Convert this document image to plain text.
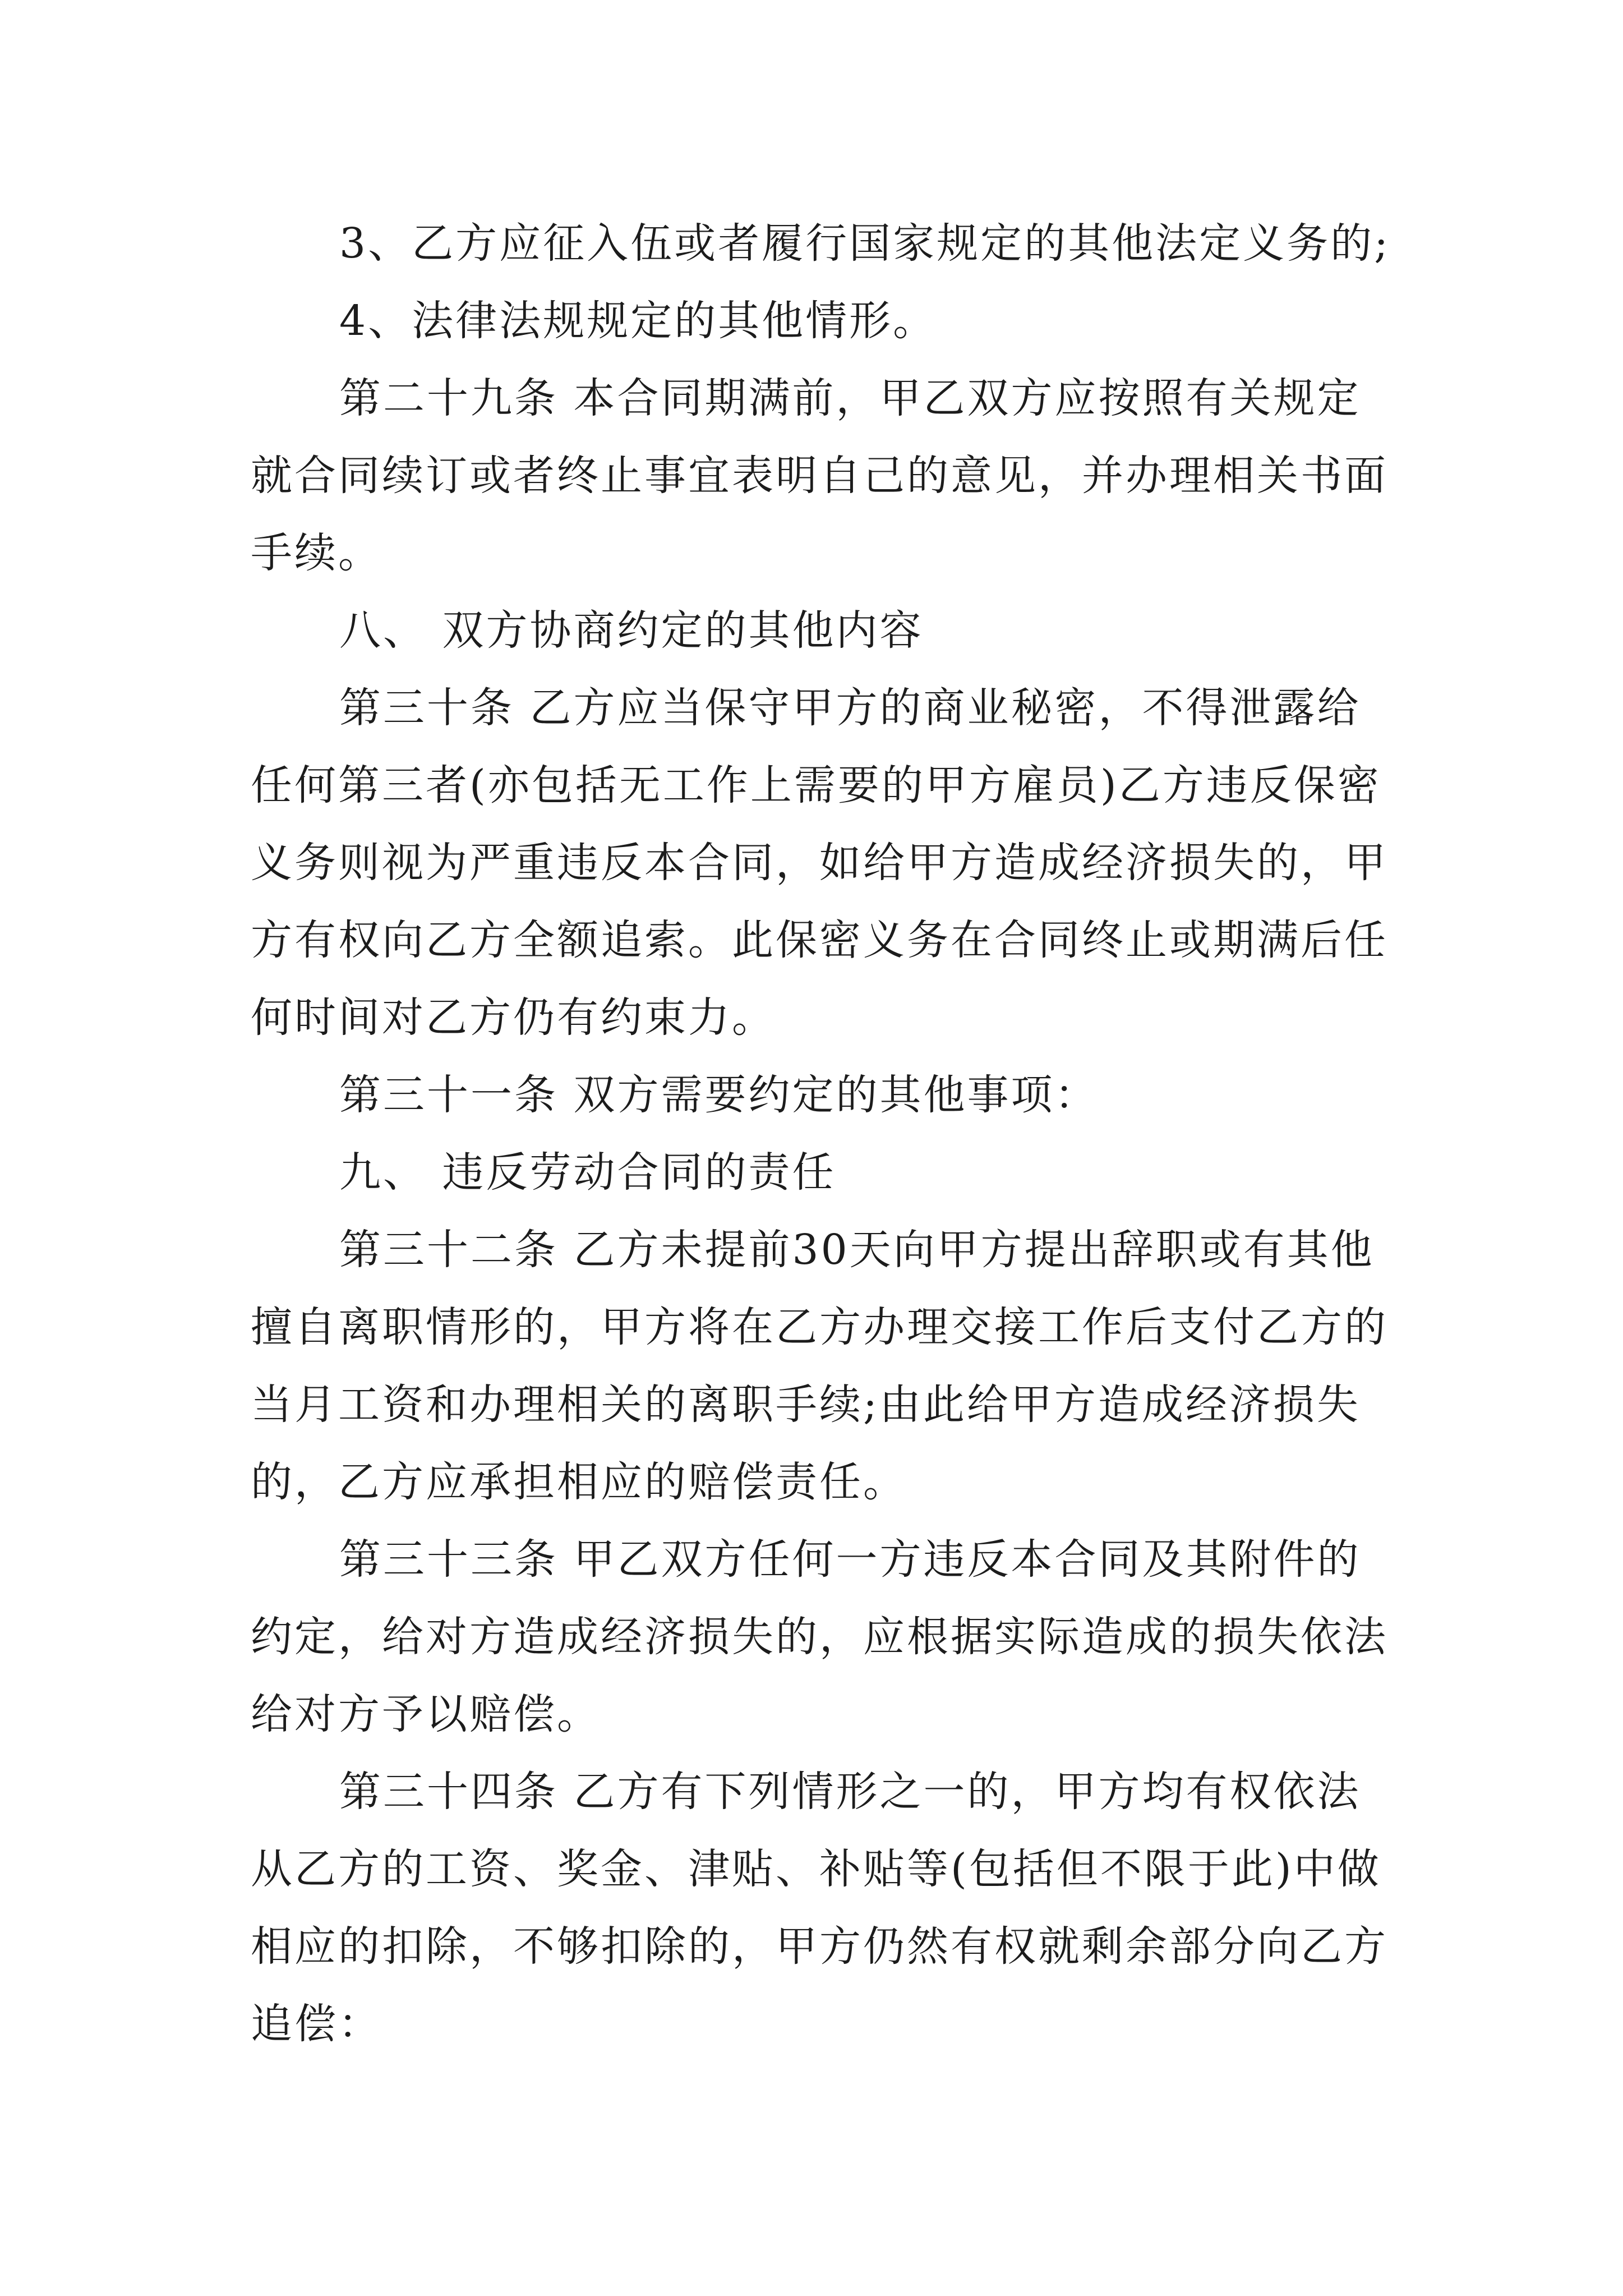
3、乙方应征入伍或者履行国家规定的其他法定义务的;
4、法律法规规定的其他情形。
第二十九条 本合同期满前，甲乙双方应按照有关规定
就合同续订或者终止事宜表明自己的意见，并办理相关书面
手续。
八、 双方协商约定的其他内容
第三十条 乙方应当保守甲方的商业秘密，不得泄露给
任何第三者(亦包括无工作上需要的甲方雇员)乙方违反保密
义务则视为严重违反本合同，如给甲方造成经济损失的，甲
方有权向乙方全额追索。此保密义务在合同终止或期满后任
何时间对乙方仍有约束力。
第三十一条 双方需要约定的其他事项：
九、 违反劳动合同的责任
第三十二条 乙方未提前30天向甲方提出辞职或有其他
擅自离职情形的，甲方将在乙方办理交接工作后支付乙方的
当月工资和办理相关的离职手续;由此给甲方造成经济损失
的，乙方应承担相应的赔偿责任。
第三十三条 甲乙双方任何一方违反本合同及其附件的
约定，给对方造成经济损失的，应根据实际造成的损失依法
给对方予以赔偿。
第三十四条 乙方有下列情形之一的，甲方均有权依法
从乙方的工资、奖金、津贴、补贴等(包括但不限于此)中做
相应的扣除，不够扣除的，甲方仍然有权就剩余部分向乙方
追偿：
